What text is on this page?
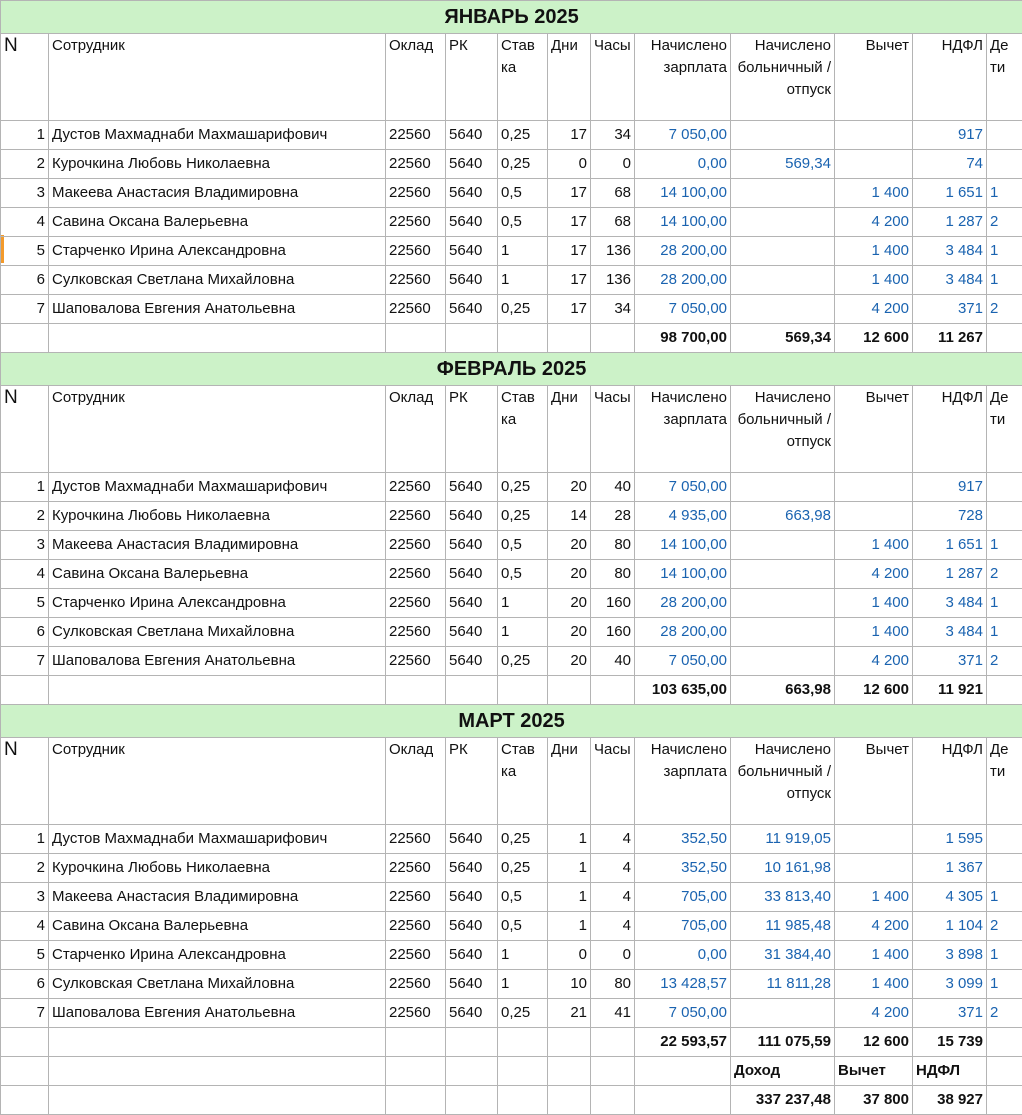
ЯНВАРЬ 2025											
N	Сотрудник	Оклад	РК	Став ка	Дни	Часы	Начислено зарплата	Начислено больничный /отпуск	Вычет	НДФЛ	Де ти
1	Дустов Махмаднаби Махмашарифович	22560	5640	0,25	17	34	7 050,00			917	
2	Курочкина Любовь Николаевна	22560	5640	0,25	0	0	0,00	569,34		74	
3	Макеева Анастасия Владимировна	22560	5640	0,5	17	68	14 100,00		1 400	1 651	1
4	Савина Оксана Валерьевна	22560	5640	0,5	17	68	14 100,00		4 200	1 287	2
5	Старченко Ирина Александровна	22560	5640	1	17	136	28 200,00		1 400	3 484	1
6	Сулковская Светлана Михайловна	22560	5640	1	17	136	28 200,00		1 400	3 484	1
7	Шаповалова Евгения Анатольевна	22560	5640	0,25	17	34	7 050,00		4 200	371	2
							98 700,00	569,34	12 600	11 267	
ФЕВРАЛЬ 2025											
N	Сотрудник	Оклад	РК	Став ка	Дни	Часы	Начислено зарплата	Начислено больничный /отпуск	Вычет	НДФЛ	Де ти
1	Дустов Махмаднаби Махмашарифович	22560	5640	0,25	20	40	7 050,00			917	
2	Курочкина Любовь Николаевна	22560	5640	0,25	14	28	4 935,00	663,98		728	
3	Макеева Анастасия Владимировна	22560	5640	0,5	20	80	14 100,00		1 400	1 651	1
4	Савина Оксана Валерьевна	22560	5640	0,5	20	80	14 100,00		4 200	1 287	2
5	Старченко Ирина Александровна	22560	5640	1	20	160	28 200,00		1 400	3 484	1
6	Сулковская Светлана Михайловна	22560	5640	1	20	160	28 200,00		1 400	3 484	1
7	Шаповалова Евгения Анатольевна	22560	5640	0,25	20	40	7 050,00		4 200	371	2
							103 635,00	663,98	12 600	11 921	
МАРТ 2025											
N	Сотрудник	Оклад	РК	Став ка	Дни	Часы	Начислено зарплата	Начислено больничный /отпуск	Вычет	НДФЛ	Де ти
1	Дустов Махмаднаби Махмашарифович	22560	5640	0,25	1	4	352,50	11 919,05		1 595	
2	Курочкина Любовь Николаевна	22560	5640	0,25	1	4	352,50	10 161,98		1 367	
3	Макеева Анастасия Владимировна	22560	5640	0,5	1	4	705,00	33 813,40	1 400	4 305	1
4	Савина Оксана Валерьевна	22560	5640	0,5	1	4	705,00	11 985,48	4 200	1 104	2
5	Старченко Ирина Александровна	22560	5640	1	0	0	0,00	31 384,40	1 400	3 898	1
6	Сулковская Светлана Михайловна	22560	5640	1	10	80	13 428,57	11 811,28	1 400	3 099	1
7	Шаповалова Евгения Анатольевна	22560	5640	0,25	21	41	7 050,00		4 200	371	2
							22 593,57	111 075,59	12 600	15 739	
								Доход	Вычет	НДФЛ	
								337 237,48	37 800	38 927	
